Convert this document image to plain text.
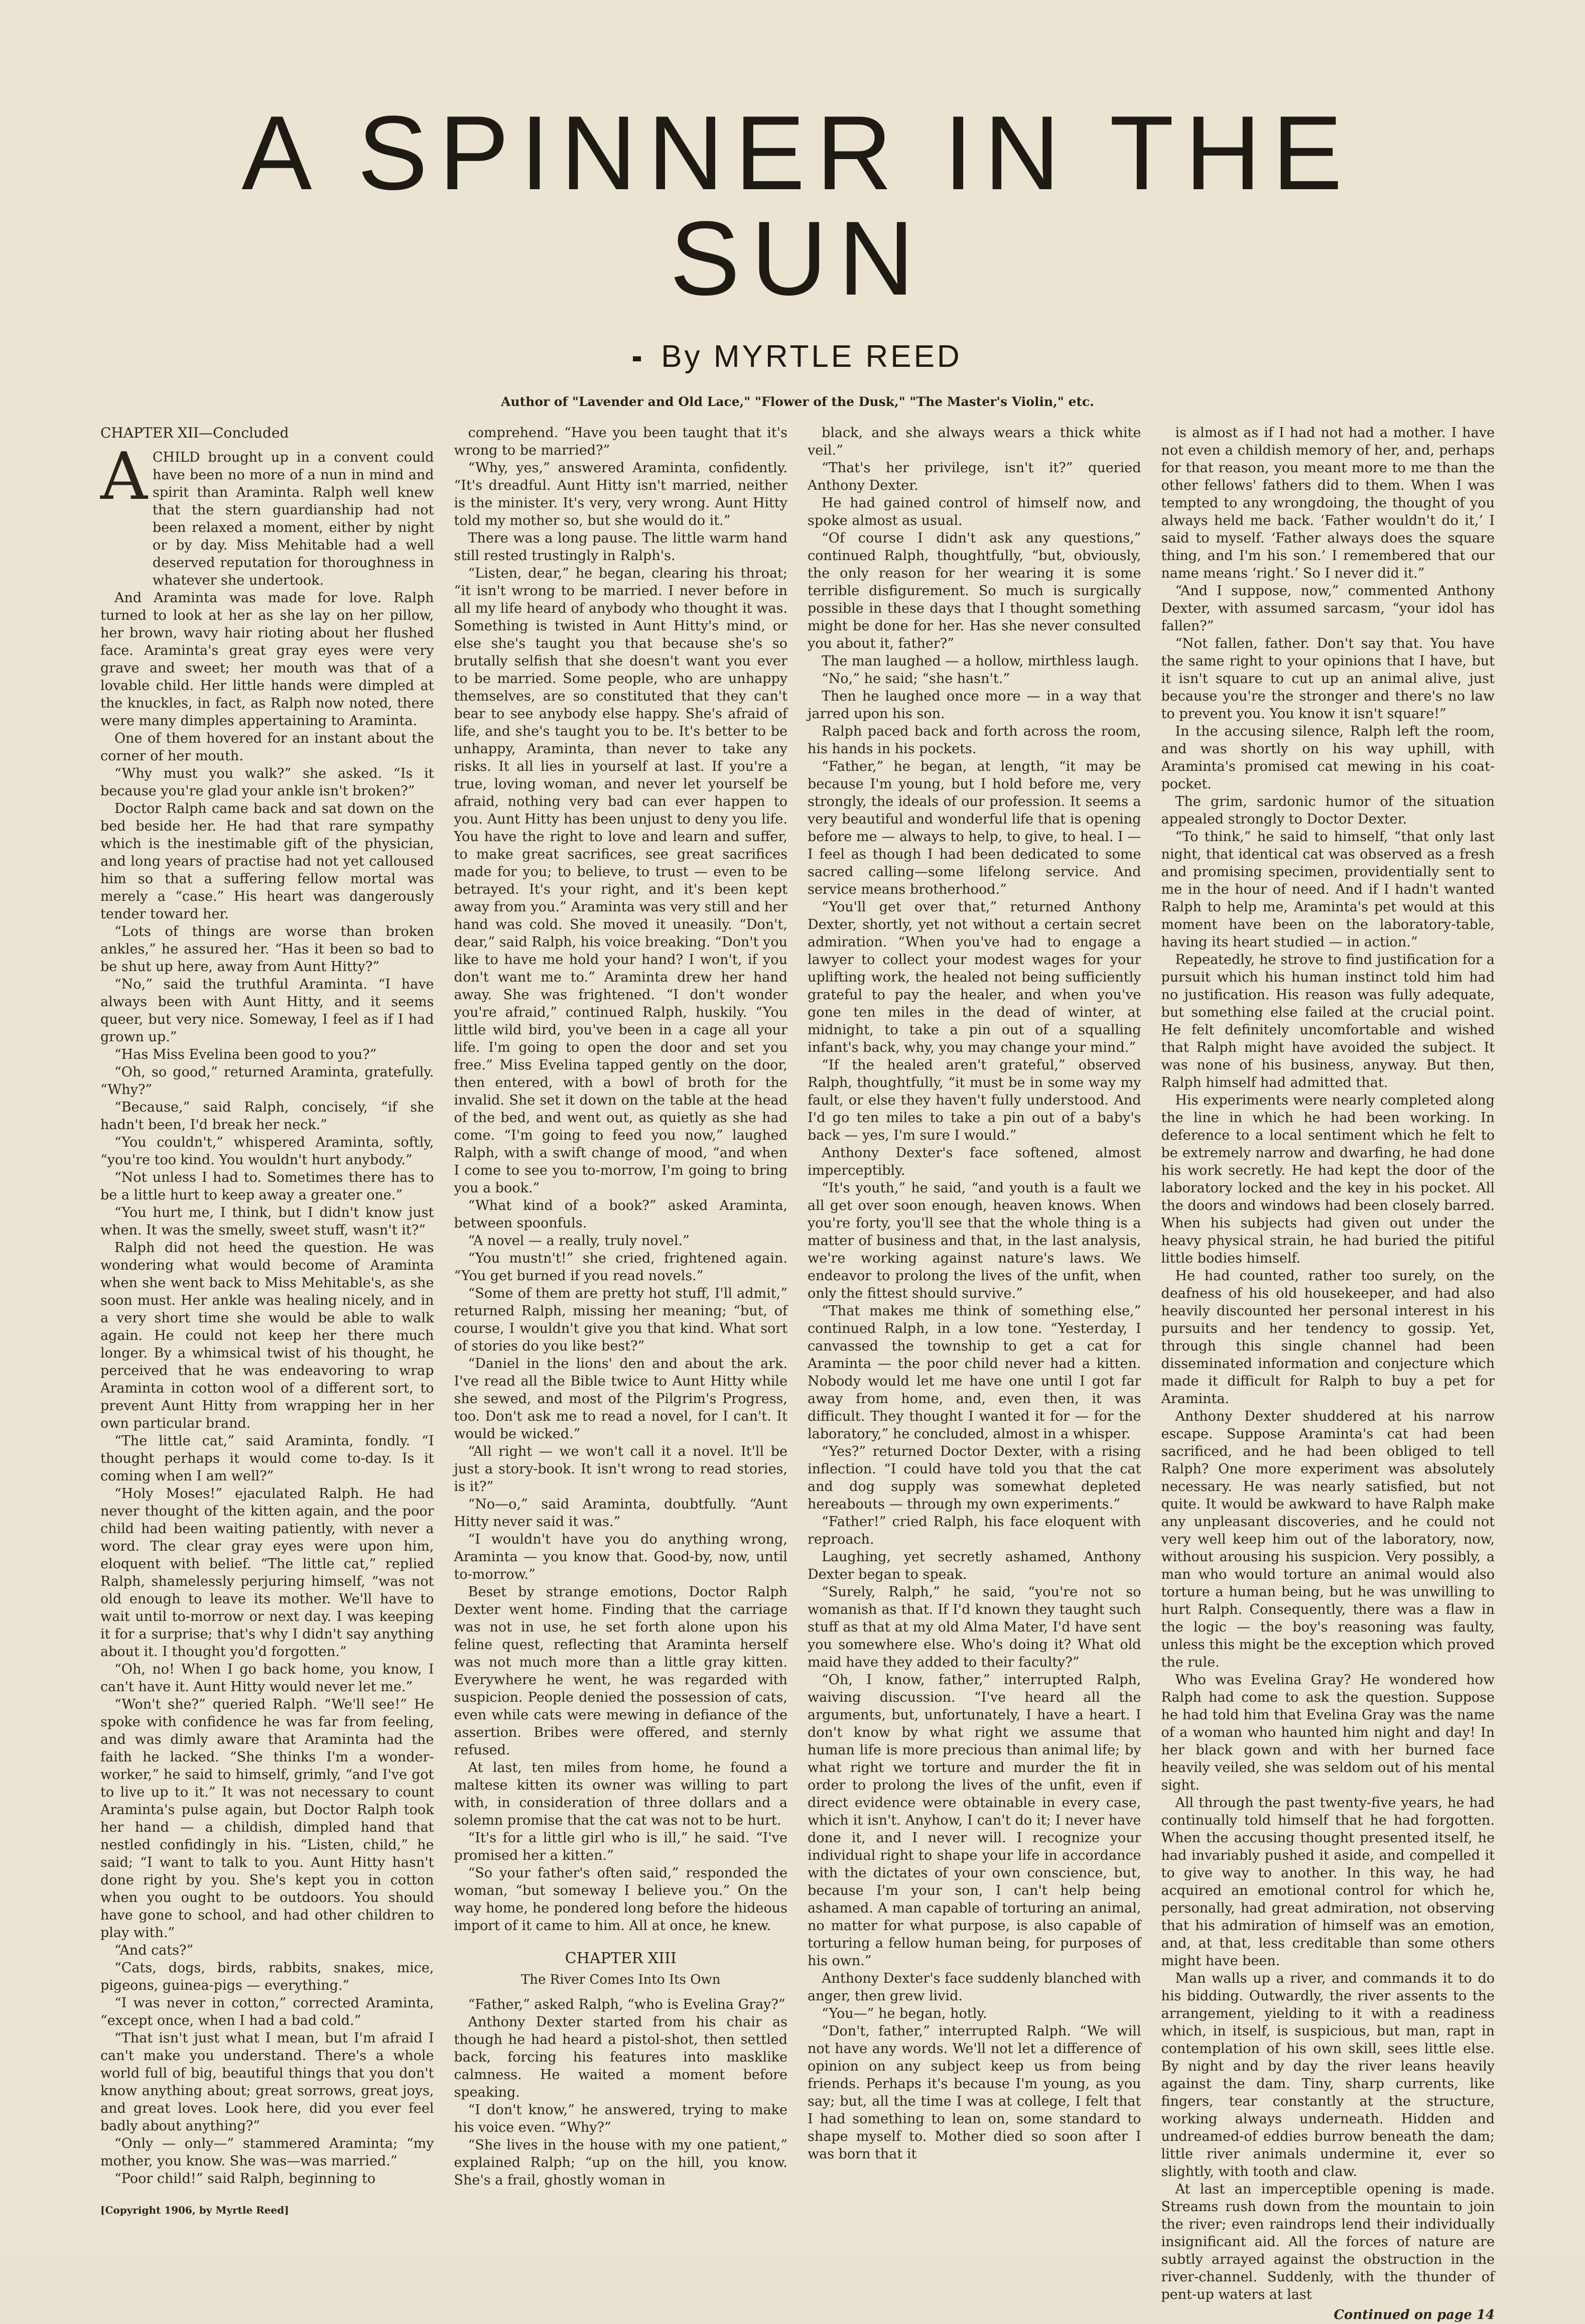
A SPINNER IN THE SUN
By MYRTLE REED
Author of "Lavender and Old Lace," "Flower of the Dusk," "The Master's Violin," etc.
CHAPTER XII—Concluded
A CHILD brought up in a convent could have been no more of a nun in mind and spirit than Araminta. Ralph well knew that the stern guardianship had not been relaxed a moment, either by night or by day. Miss Mehitable had a well deserved reputation for thoroughness in whatever she undertook.

And Araminta was made for love. Ralph turned to look at her as she lay on her pillow, her brown, wavy hair rioting about her flushed face. Araminta's great gray eyes were very grave and sweet; her mouth was that of a lovable child. Her little hands were dimpled at the knuckles, in fact, as Ralph now noted, there were many dimples appertaining to Araminta.

One of them hovered for an instant about the corner of her mouth.

“Why must you walk?” she asked. “Is it because you're glad your ankle isn't broken?”

Doctor Ralph came back and sat down on the bed beside her. He had that rare sympathy which is the inestimable gift of the physician, and long years of practise had not yet calloused him so that a suffering fellow mortal was merely a “case.” His heart was dangerously tender toward her.

“Lots of things are worse than broken ankles,” he assured her. “Has it been so bad to be shut up here, away from Aunt Hitty?”

“No,” said the truthful Araminta. “I have always been with Aunt Hitty, and it seems queer, but very nice. Someway, I feel as if I had grown up.”

“Has Miss Evelina been good to you?”

“Oh, so good,” returned Araminta, gratefully. “Why?”

“Because,” said Ralph, concisely, “if she hadn't been, I'd break her neck.”

“You couldn't,” whispered Araminta, softly, “you're too kind. You wouldn't hurt anybody.”

“Not unless I had to. Sometimes there has to be a little hurt to keep away a greater one.”

“You hurt me, I think, but I didn't know just when. It was the smelly, sweet stuff, wasn't it?”

Ralph did not heed the question. He was wondering what would become of Araminta when she went back to Miss Mehitable's, as she soon must. Her ankle was healing nicely, and in a very short time she would be able to walk again. He could not keep her there much longer. By a whimsical twist of his thought, he perceived that he was endeavoring to wrap Araminta in cotton wool of a different sort, to prevent Aunt Hitty from wrapping her in her own particular brand.

“The little cat,” said Araminta, fondly. “I thought perhaps it would come to-day. Is it coming when I am well?”

“Holy Moses!” ejaculated Ralph. He had never thought of the kitten again, and the poor child had been waiting patiently, with never a word. The clear gray eyes were upon him, eloquent with belief. “The little cat,” replied Ralph, shamelessly perjuring himself, “was not old enough to leave its mother. We'll have to wait until to-morrow or next day. I was keeping it for a surprise; that's why I didn't say anything about it. I thought you'd forgotten.”

“Oh, no! When I go back home, you know, I can't have it. Aunt Hitty would never let me.”

“Won't she?” queried Ralph. “We'll see!” He spoke with confidence he was far from feeling, and was dimly aware that Araminta had the faith he lacked. “She thinks I'm a wonder-worker,” he said to himself, grimly, “and I've got to live up to it.” It was not necessary to count Araminta's pulse again, but Doctor Ralph took her hand — a childish, dimpled hand that nestled confidingly in his. “Listen, child,” he said; “I want to talk to you. Aunt Hitty hasn't done right by you. She's kept you in cotton when you ought to be outdoors. You should have gone to school, and had other children to play with.”

“And cats?”

“Cats, dogs, birds, rabbits, snakes, mice, pigeons, guinea-pigs — everything.”

“I was never in cotton,” corrected Araminta, “except once, when I had a bad cold.”

“That isn't just what I mean, but I'm afraid I can't make you understand. There's a whole world full of big, beautiful things that you don't know anything about; great sorrows, great joys, and great loves. Look here, did you ever feel badly about anything?”

“Only — only—” stammered Araminta; “my mother, you know. She was—was married.”

“Poor child!” said Ralph, beginning to

[Copyright 1906, by Myrtle Reed]

comprehend. “Have you been taught that it's wrong to be married?”

“Why, yes,” answered Araminta, confidently. “It's dreadful. Aunt Hitty isn't married, neither is the minister. It's very, very wrong. Aunt Hitty told my mother so, but she would do it.”

There was a long pause. The little warm hand still rested trustingly in Ralph's.

“Listen, dear,” he began, clearing his throat; “it isn't wrong to be married. I never before in all my life heard of anybody who thought it was. Something is twisted in Aunt Hitty's mind, or else she's taught you that because she's so brutally selfish that she doesn't want you ever to be married. Some people, who are unhappy themselves, are so constituted that they can't bear to see anybody else happy. She's afraid of life, and she's taught you to be. It's better to be unhappy, Araminta, than never to take any risks. It all lies in yourself at last. If you're a true, loving woman, and never let yourself be afraid, nothing very bad can ever happen to you. Aunt Hitty has been unjust to deny you life. You have the right to love and learn and suffer, to make great sacrifices, see great sacrifices made for you; to believe, to trust — even to be betrayed. It's your right, and it's been kept away from you.” Araminta was very still and her hand was cold. She moved it uneasily. “Don't, dear,” said Ralph, his voice breaking. “Don't you like to have me hold your hand? I won't, if you don't want me to.” Araminta drew her hand away. She was frightened. “I don't wonder you're afraid,” continued Ralph, huskily. “You little wild bird, you've been in a cage all your life. I'm going to open the door and set you free.” Miss Evelina tapped gently on the door, then entered, with a bowl of broth for the invalid. She set it down on the table at the head of the bed, and went out, as quietly as she had come. “I'm going to feed you now,” laughed Ralph, with a swift change of mood, “and when I come to see you to-morrow, I'm going to bring you a book.”

“What kind of a book?” asked Araminta, between spoonfuls.

“A novel — a really, truly novel.”

“You mustn't!” she cried, frightened again. “You get burned if you read novels.”

“Some of them are pretty hot stuff, I'll admit,” returned Ralph, missing her meaning; “but, of course, I wouldn't give you that kind. What sort of stories do you like best?”

“Daniel in the lions' den and about the ark. I've read all the Bible twice to Aunt Hitty while she sewed, and most of the Pilgrim's Progress, too. Don't ask me to read a novel, for I can't. It would be wicked.”

“All right — we won't call it a novel. It'll be just a story-book. It isn't wrong to read stories, is it?”

“No—o,” said Araminta, doubtfully. “Aunt Hitty never said it was.”

“I wouldn't have you do anything wrong, Araminta — you know that. Good-by, now, until to-morrow.”

Beset by strange emotions, Doctor Ralph Dexter went home. Finding that the carriage was not in use, he set forth alone upon his feline quest, reflecting that Araminta herself was not much more than a little gray kitten. Everywhere he went, he was regarded with suspicion. People denied the possession of cats, even while cats were mewing in defiance of the assertion. Bribes were offered, and sternly refused.

At last, ten miles from home, he found a maltese kitten its owner was willing to part with, in consideration of three dollars and a solemn promise that the cat was not to be hurt.

“It's for a little girl who is ill,” he said. “I've promised her a kitten.”

“So your father's often said,” responded the woman, “but someway I believe you.” On the way home, he pondered long before the hideous import of it came to him. All at once, he knew.

CHAPTER XIII
The River Comes Into Its Own

“Father,” asked Ralph, “who is Evelina Gray?”

Anthony Dexter started from his chair as though he had heard a pistol-shot, then settled back, forcing his features into masklike calmness. He waited a moment before speaking.

“I don't know,” he answered, trying to make his voice even. “Why?”

“She lives in the house with my one patient,” explained Ralph; “up on the hill, you know. She's a frail, ghostly woman in

black, and she always wears a thick white veil.”

“That's her privilege, isn't it?” queried Anthony Dexter.

He had gained control of himself now, and spoke almost as usual.

“Of course I didn't ask any questions,” continued Ralph, thoughtfully, “but, obviously, the only reason for her wearing it is some terrible disfigurement. So much is surgically possible in these days that I thought something might be done for her. Has she never consulted you about it, father?”

The man laughed — a hollow, mirthless laugh.

“No,” he said; “she hasn't.”

Then he laughed once more — in a way that jarred upon his son.

Ralph paced back and forth across the room, his hands in his pockets.

“Father,” he began, at length, “it may be because I'm young, but I hold before me, very strongly, the ideals of our profession. It seems a very beautiful and wonderful life that is opening before me — always to help, to give, to heal. I — I feel as though I had been dedicated to some sacred calling—some lifelong service. And service means brotherhood.”

“You'll get over that,” returned Anthony Dexter, shortly, yet not without a certain secret admiration. “When you've had to engage a lawyer to collect your modest wages for your uplifting work, the healed not being sufficiently grateful to pay the healer, and when you've gone ten miles in the dead of winter, at midnight, to take a pin out of a squalling infant's back, why, you may change your mind.”

“If the healed aren't grateful,” observed Ralph, thoughtfully, “it must be in some way my fault, or else they haven't fully understood. And I'd go ten miles to take a pin out of a baby's back — yes, I'm sure I would.”

Anthony Dexter's face softened, almost imperceptibly.

“It's youth,” he said, “and youth is a fault we all get over soon enough, heaven knows. When you're forty, you'll see that the whole thing is a matter of business and that, in the last analysis, we're working against nature's laws. We endeavor to prolong the lives of the unfit, when only the fittest should survive.”

“That makes me think of something else,” continued Ralph, in a low tone. “Yesterday, I canvassed the township to get a cat for Araminta — the poor child never had a kitten. Nobody would let me have one until I got far away from home, and, even then, it was difficult. They thought I wanted it for — for the laboratory,” he concluded, almost in a whisper.

“Yes?” returned Doctor Dexter, with a rising inflection. “I could have told you that the cat and dog supply was somewhat depleted hereabouts — through my own experiments.”

“Father!” cried Ralph, his face eloquent with reproach.

Laughing, yet secretly ashamed, Anthony Dexter began to speak.

“Surely, Ralph,” he said, “you're not so womanish as that. If I'd known they taught such stuff as that at my old Alma Mater, I'd have sent you somewhere else. Who's doing it? What old maid have they added to their faculty?”

“Oh, I know, father,” interrupted Ralph, waiving discussion. “I've heard all the arguments, but, unfortunately, I have a heart. I don't know by what right we assume that human life is more precious than animal life; by what right we torture and murder the fit in order to prolong the lives of the unfit, even if direct evidence were obtainable in every case, which it isn't. Anyhow, I can't do it; I never have done it, and I never will. I recognize your individual right to shape your life in accordance with the dictates of your own conscience, but, because I'm your son, I can't help being ashamed. A man capable of torturing an animal, no matter for what purpose, is also capable of torturing a fellow human being, for purposes of his own.”

Anthony Dexter's face suddenly blanched with anger, then grew livid.

“You—” he began, hotly.

“Don't, father,” interrupted Ralph. “We will not have any words. We'll not let a difference of opinion on any subject keep us from being friends. Perhaps it's because I'm young, as you say; but, all the time I was at college, I felt that I had something to lean on, some standard to shape myself to. Mother died so soon after I was born that it

is almost as if I had not had a mother. I have not even a childish memory of her, and, perhaps for that reason, you meant more to me than the other fellows' fathers did to them. When I was tempted to any wrongdoing, the thought of you always held me back. ‘Father wouldn't do it,’ I said to myself. ‘Father always does the square thing, and I'm his son.’ I remembered that our name means ‘right.’ So I never did it.”

“And I suppose, now,” commented Anthony Dexter, with assumed sarcasm, “your idol has fallen?”

“Not fallen, father. Don't say that. You have the same right to your opinions that I have, but it isn't square to cut up an animal alive, just because you're the stronger and there's no law to prevent you. You know it isn't square!”

In the accusing silence, Ralph left the room, and was shortly on his way uphill, with Araminta's promised cat mewing in his coat-pocket.

The grim, sardonic humor of the situation appealed strongly to Doctor Dexter.

“To think,” he said to himself, “that only last night, that identical cat was observed as a fresh and promising specimen, providentially sent to me in the hour of need. And if I hadn't wanted Ralph to help me, Araminta's pet would at this moment have been on the laboratory-table, having its heart studied — in action.”

Repeatedly, he strove to find justification for a pursuit which his human instinct told him had no justification. His reason was fully adequate, but something else failed at the crucial point. He felt definitely uncomfortable and wished that Ralph might have avoided the subject. It was none of his business, anyway. But then, Ralph himself had admitted that.

His experiments were nearly completed along the line in which he had been working. In deference to a local sentiment which he felt to be extremely narrow and dwarfing, he had done his work secretly. He had kept the door of the laboratory locked and the key in his pocket. All the doors and windows had been closely barred. When his subjects had given out under the heavy physical strain, he had buried the pitiful little bodies himself.

He had counted, rather too surely, on the deafness of his old housekeeper, and had also heavily discounted her personal interest in his pursuits and her tendency to gossip. Yet, through this single channel had been disseminated information and conjecture which made it difficult for Ralph to buy a pet for Araminta.

Anthony Dexter shuddered at his narrow escape. Suppose Araminta's cat had been sacrificed, and he had been obliged to tell Ralph? One more experiment was absolutely necessary. He was nearly satisfied, but not quite. It would be awkward to have Ralph make any unpleasant discoveries, and he could not very well keep him out of the laboratory, now, without arousing his suspicion. Very possibly, a man who would torture an animal would also torture a human being, but he was unwilling to hurt Ralph. Consequently, there was a flaw in the logic — the boy's reasoning was faulty, unless this might be the exception which proved the rule.

Who was Evelina Gray? He wondered how Ralph had come to ask the question. Suppose he had told him that Evelina Gray was the name of a woman who haunted him night and day! In her black gown and with her burned face heavily veiled, she was seldom out of his mental sight.

All through the past twenty-five years, he had continually told himself that he had forgotten. When the accusing thought presented itself, he had invariably pushed it aside, and compelled it to give way to another. In this way, he had acquired an emotional control for which he, personally, had great admiration, not observing that his admiration of himself was an emotion, and, at that, less creditable than some others might have been.

Man walls up a river, and commands it to do his bidding. Outwardly, the river assents to the arrangement, yielding to it with a readiness which, in itself, is suspicious, but man, rapt in contemplation of his own skill, sees little else. By night and by day the river leans heavily against the dam. Tiny, sharp currents, like fingers, tear constantly at the structure, working always underneath. Hidden and undreamed-of eddies burrow beneath the dam; little river animals undermine it, ever so slightly, with tooth and claw.

At last an imperceptible opening is made. Streams rush down from the mountain to join the river; even raindrops lend their individually insignificant aid. All the forces of nature are subtly arrayed against the obstruction in the river-channel. Suddenly, with the thunder of pent-up waters at last

Continued on page 14
